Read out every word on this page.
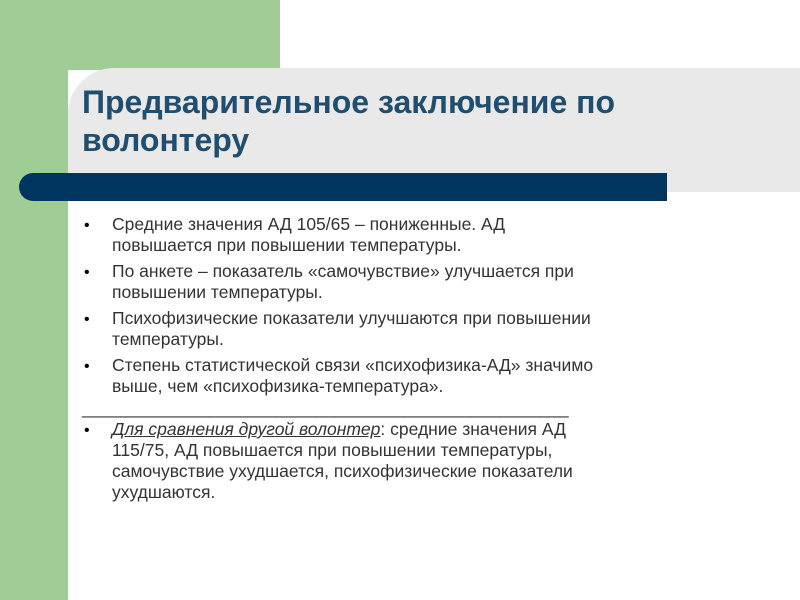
Предварительное заключение по
волонтеру
• Средние значения АД 105/65 – пониженные. АД
повышается при повышении температуры.
• По анкете – показатель «самочувствие» улучшается при
повышении температуры.
• Психофизические показатели улучшаются при повышении
температуры.
• Степень статистической связи «психофизика-АД» значимо
выше, чем «психофизика-температура».
__________________________________________________
• Для сравнения другой волонтер: средние значения АД
115/75, АД повышается при повышении температуры,
самочувствие ухудшается, психофизические показатели
ухудшаются.
